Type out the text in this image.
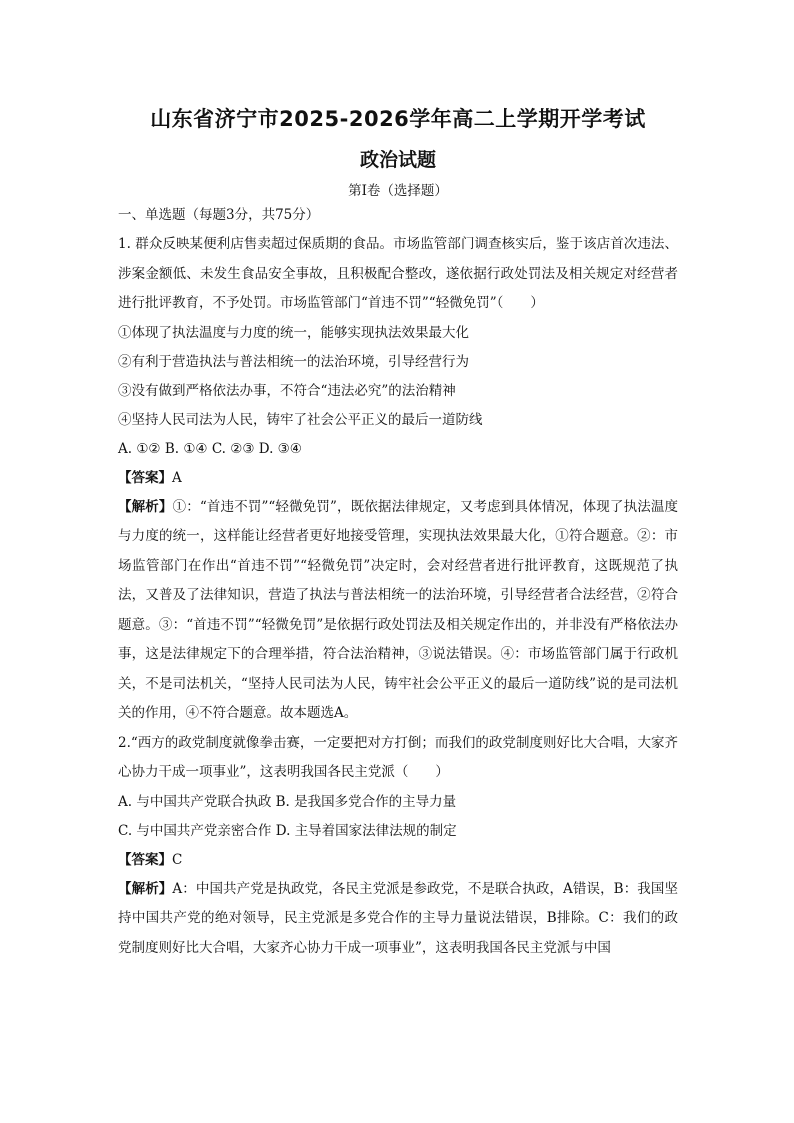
山东省济宁市2025-2026学年高二上学期开学考试
政治试题
第I卷（选择题）

一、单选题（每题3分，共75分）

1. 群众反映某便利店售卖超过保质期的食品。市场监管部门调查核实后，鉴于该店首次违法、涉案金额低、未发生食品安全事故，且积极配合整改，遂依据行政处罚法及相关规定对经营者进行批评教育，不予处罚。市场监管部门“首违不罚”“轻微免罚”（　　）

①体现了执法温度与力度的统一，能够实现执法效果最大化

②有利于营造执法与普法相统一的法治环境，引导经营行为

③没有做到严格依法办事，不符合“违法必究”的法治精神

④坚持人民司法为人民，铸牢了社会公平正义的最后一道防线

A. ①② B. ①④ C. ②③ D. ③④

【答案】A

【解析】①：“首违不罚”“轻微免罚”，既依据法律规定，又考虑到具体情况，体现了执法温度与力度的统一，这样能让经营者更好地接受管理，实现执法效果最大化，①符合题意。②：市场监管部门在作出“首违不罚”“轻微免罚”决定时，会对经营者进行批评教育，这既规范了执法，又普及了法律知识，营造了执法与普法相统一的法治环境，引导经营者合法经营，②符合题意。③：“首违不罚”“轻微免罚”是依据行政处罚法及相关规定作出的，并非没有严格依法办事，这是法律规定下的合理举措，符合法治精神，③说法错误。④：市场监管部门属于行政机关，不是司法机关，“坚持人民司法为人民，铸牢社会公平正义的最后一道防线”说的是司法机关的作用，④不符合题意。故本题选A。

2.“西方的政党制度就像拳击赛，一定要把对方打倒；而我们的政党制度则好比大合唱，大家齐心协力干成一项事业”，这表明我国各民主党派（　　）

A. 与中国共产党联合执政 B. 是我国多党合作的主导力量

C. 与中国共产党亲密合作 D. 主导着国家法律法规的制定

【答案】C

【解析】A：中国共产党是执政党，各民主党派是参政党，不是联合执政，A错误，B：我国坚持中国共产党的绝对领导，民主党派是多党合作的主导力量说法错误，B排除。C：我们的政党制度则好比大合唱，大家齐心协力干成一项事业”，这表明我国各民主党派与中国
